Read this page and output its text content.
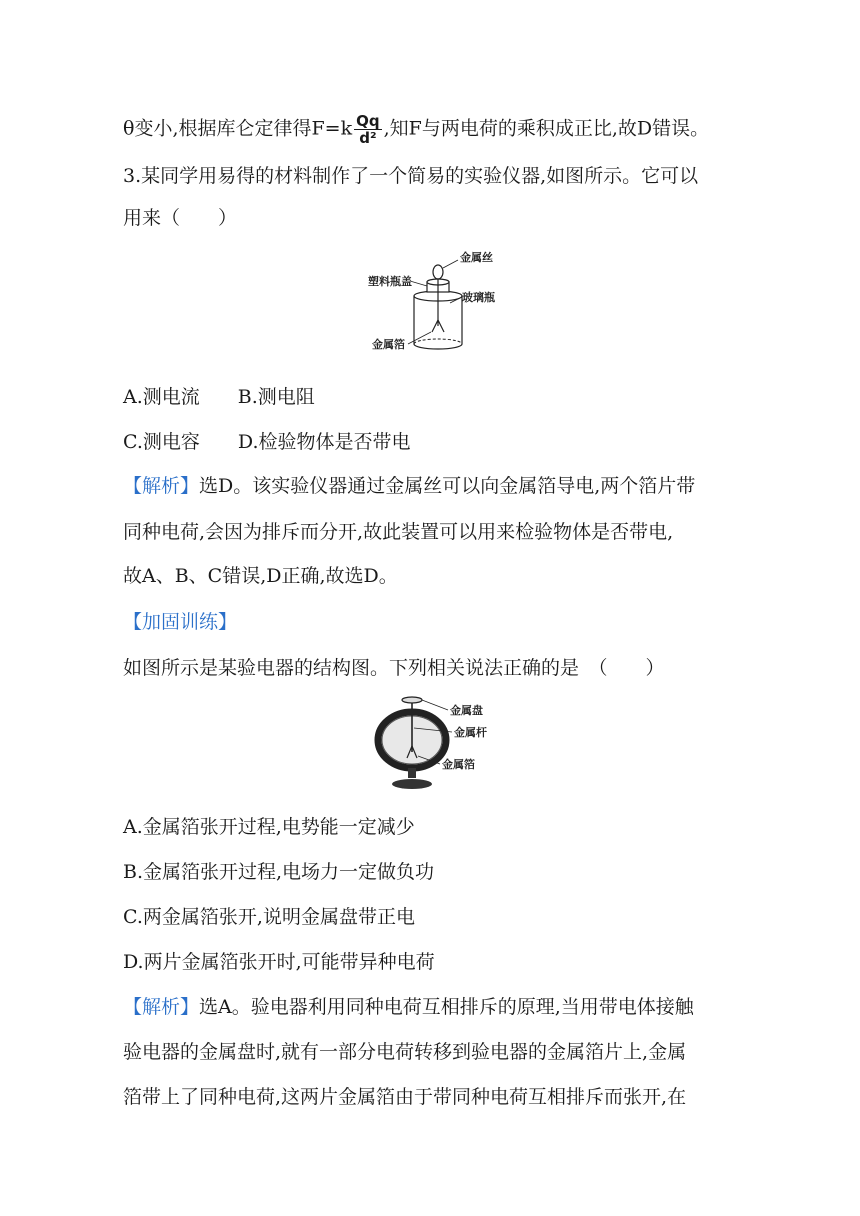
θ变小,根据库仑定律得$F=k \frac{Qq}{\text{d²}}$ ,知F与两电荷的乘积成正比,故D错误。
3.某同学用易得的材料制作了一个简易的实验仪器,如图所示。它可以
用来（　　）
金属丝
塑料瓶盖
玻璃瓶
金属箔
A.测电流　　B.测电阻
C.测电容　　D.检验物体是否带电
【解析】选D。该实验仪器通过金属丝可以向金属箔导电,两个箔片带
同种电荷,会因为排斥而分开,故此装置可以用来检验物体是否带电,
故A、B、C错误,D正确,故选D。
【加固训练】
如图所示是某验电器的结构图。下列相关说法正确的是　（　　）
金属盘
金属杆
金属箔
A.金属箔张开过程,电势能一定减少
B.金属箔张开过程,电场力一定做负功
C.两金属箔张开,说明金属盘带正电
D.两片金属箔张开时,可能带异种电荷
【解析】选A。验电器利用同种电荷互相排斥的原理,当用带电体接触
验电器的金属盘时,就有一部分电荷转移到验电器的金属箔片上,金属
箔带上了同种电荷,这两片金属箔由于带同种电荷互相排斥而张开,在
